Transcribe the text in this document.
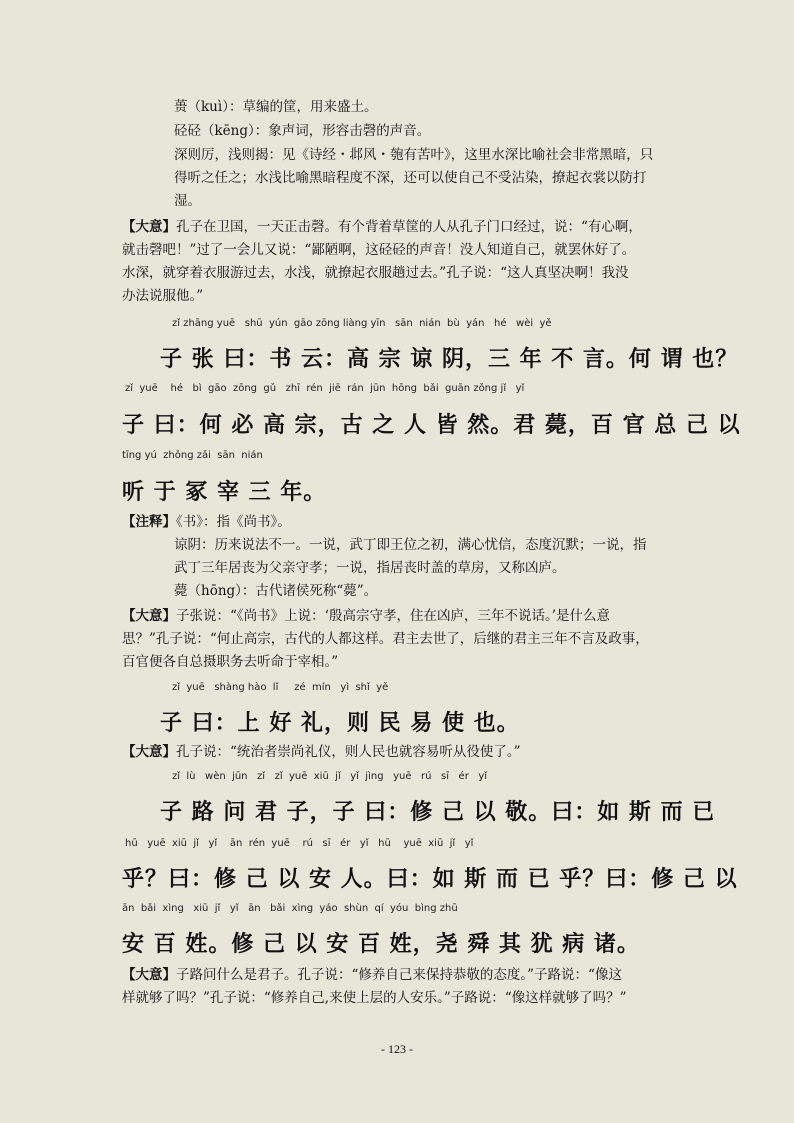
蒉（kuì）：草编的筐，用来盛土。
硁硁（kēng）：象声词，形容击磬的声音。
深则厉，浅则揭：见《诗经・邶风・匏有苦叶》，这里水深比喻社会非常黑暗，只
得听之任之；水浅比喻黑暗程度不深，还可以使自己不受沾染，撩起衣裳以防打
湿。
【大意】孔子在卫国，一天正击磬。有个背着草筐的人从孔子门口经过，说：“有心啊，
就击磬吧！”过了一会儿又说：“鄙陋啊，这硁硁的声音！没人知道自己，就罢休好了。
水深，就穿着衣服游过去，水浅，就撩起衣服趟过去。”孔子说：“这人真坚决啊！我没
办法说服他。”
zǐ zhāng yuē   shū  yún  gāo zōng liàng yīn   sān  nián  bù  yán   hé   wèi  yě
子 张 曰：书 云：高 宗 谅 阴，三 年 不 言。何 谓 也？
zǐ  yuē    hé   bì  gāo  zōng  gǔ   zhī  rén  jiē  rán  jūn  hōng  bǎi  guān zǒng jǐ   yǐ
子 曰：何 必 高 宗，古 之 人 皆 然。君 薨，百 官 总 己 以
tīng yú  zhǒng zǎi  sān  nián
听 于 冢 宰 三 年。
【注释】《书》：指《尚书》。
谅阴：历来说法不一。一说，武丁即王位之初，满心忧信，态度沉默；一说，指
武丁三年居丧为父亲守孝；一说，指居丧时盖的草房，又称凶庐。
薨（hōng）：古代诸侯死称“薨”。
【大意】子张说：“《尚书》上说：‘殷高宗守孝，住在凶庐，三年不说话。’是什么意
思？”孔子说：“何止高宗，古代的人都这样。君主去世了，后继的君主三年不言及政事，
百官便各自总摄职务去听命于宰相。”
zǐ  yuē   shàng hào  lǐ     zé  mín   yì  shǐ  yě
子 曰：上 好 礼，则 民 易 使 也。
【大意】孔子说：“统治者崇尚礼仪，则人民也就容易听从役使了。”
zǐ  lù   wèn  jūn   zǐ   zǐ  yuē  xiū  jǐ   yǐ  jìng   yuē   rú   sī   ér   yǐ
子 路 问 君 子，子 曰：修 己 以 敬。曰：如 斯 而 已
hū   yuē  xiū  jǐ   yǐ    ān  rén  yuē    rú   sī   ér   yǐ   hū    yuē  xiū  jǐ   yǐ
乎？曰：修 己 以 安 人。曰：如 斯 而 已 乎？曰：修 己 以
ān  bǎi  xìng   xiū  jǐ   yǐ   ān   bǎi  xìng  yáo  shùn  qí  yóu  bìng zhū
安 百 姓。修 己 以 安 百 姓，尧 舜 其 犹 病 诸。
【大意】子路问什么是君子。孔子说：“修养自己来保持恭敬的态度。”子路说：“像这
样就够了吗？”孔子说：“修养自己,来使上层的人安乐。”子路说：“像这样就够了吗？”
- 123 -
